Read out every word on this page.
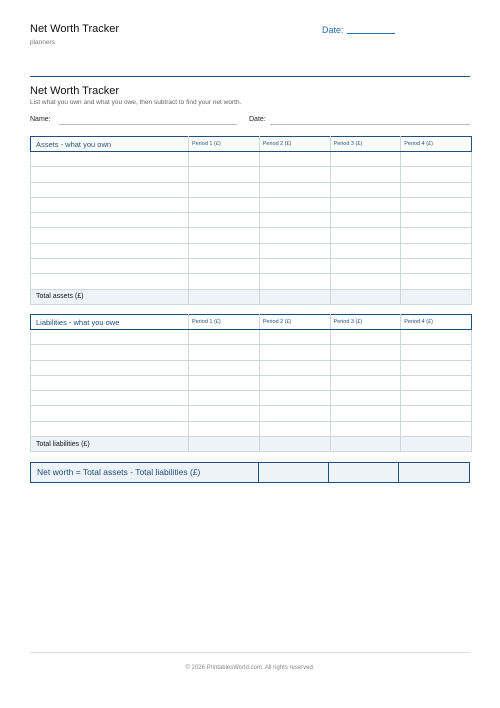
Net Worth Tracker
planners
Date:
Net Worth Tracker
List what you own and what you owe, then subtract to find your net worth.
Name:	Date:
Assets - what you own	Period 1 (£)	Period 2 (£)	Period 3 (£)	Period 4 (£)

Total assets (£)				
Liabilities - what you owe	Period 1 (£)	Period 2 (£)	Period 3 (£)	Period 4 (£)

Total liabilities (£)				
Net worth = Total assets - Total liabilities (£)
© 2026 PrintablesWorld.com. All rights reserved.
